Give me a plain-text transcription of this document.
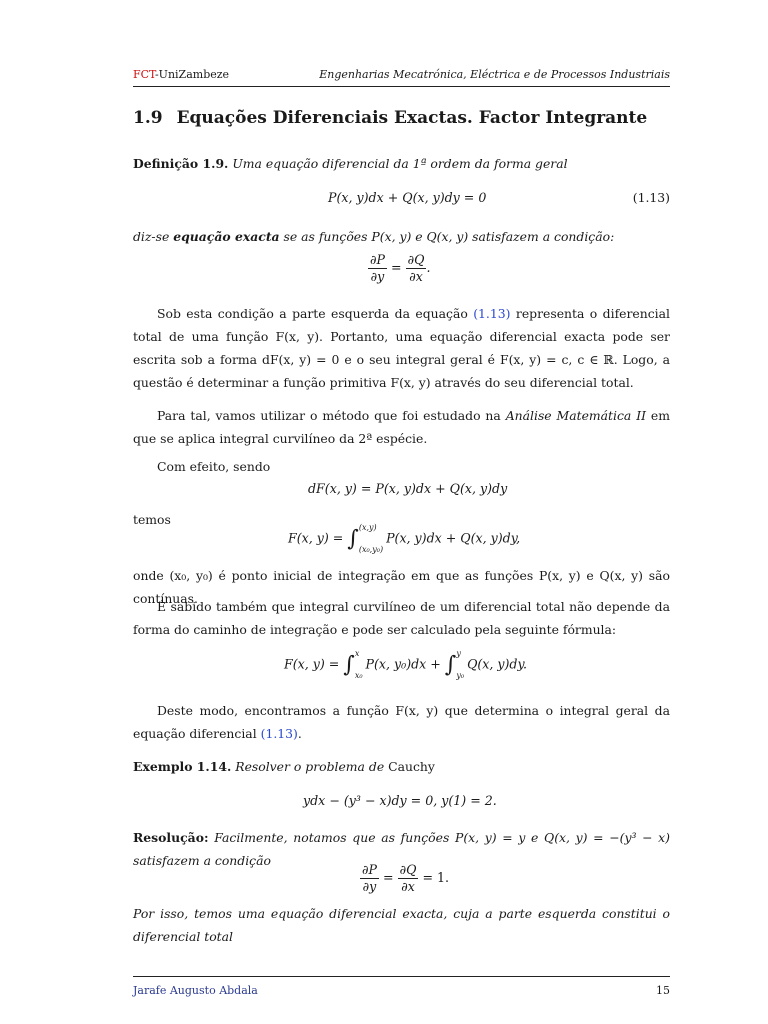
FCT-UniZambeze	Engenharias Mecatrónica, Eléctrica e de Processos Industriais
1.9 Equações Diferenciais Exactas. Factor Integrante
Definição 1.9. Uma equação diferencial da 1ª ordem da forma geral
P(x, y)dx + Q(x, y)dy = 0	(1.13)
diz-se equação exacta se as funções P(x, y) e Q(x, y) satisfazem a condição:
$\frac{\partial P}{\partial y} = \frac{\partial Q}{\partial x}$ .
Sob esta condição a parte esquerda da equação (1.13) representa o diferencial total de uma função F(x, y). Portanto, uma equação diferencial exacta pode ser escrita sob a forma dF(x, y) = 0 e o seu integral geral é F(x, y) = c, c ∈ ℝ. Logo, a questão é determinar a função primitiva F(x, y) através do seu diferencial total.
Para tal, vamos utilizar o método que foi estudado na Análise Matemática II em que se aplica integral curvilíneo da 2ª espécie.
Com efeito, sendo
dF(x, y) = P(x, y)dx + Q(x, y)dy
temos
F(x, y) = ∫ (x,y)
(x₀,y₀)
P(x, y)dx + Q(x, y)dy,
onde (x₀, y₀) é ponto inicial de integração em que as funções P(x, y) e Q(x, y) são contínuas.
É sabido também que integral curvilíneo de um diferencial total não depende da forma do caminho de integração e pode ser calculado pela seguinte fórmula:
F(x, y) = ∫ x
x₀
P(x, y₀)dx + ∫ y
y₀
Q(x, y)dy.
Deste modo, encontramos a função F(x, y) que determina o integral geral da equação diferencial (1.13).
Exemplo 1.14. Resolver o problema de Cauchy
ydx − (y³ − x)dy = 0, y(1) = 2.
Resolução: Facilmente, notamos que as funções P(x, y) = y e Q(x, y) = −(y³ − x) satisfazem a condição
$\frac{\partial P}{\partial y} = \frac{\partial Q}{\partial x} = 1$.
Por isso, temos uma equação diferencial exacta, cuja a parte esquerda constitui o diferencial total
Jarafe Augusto Abdala	15
